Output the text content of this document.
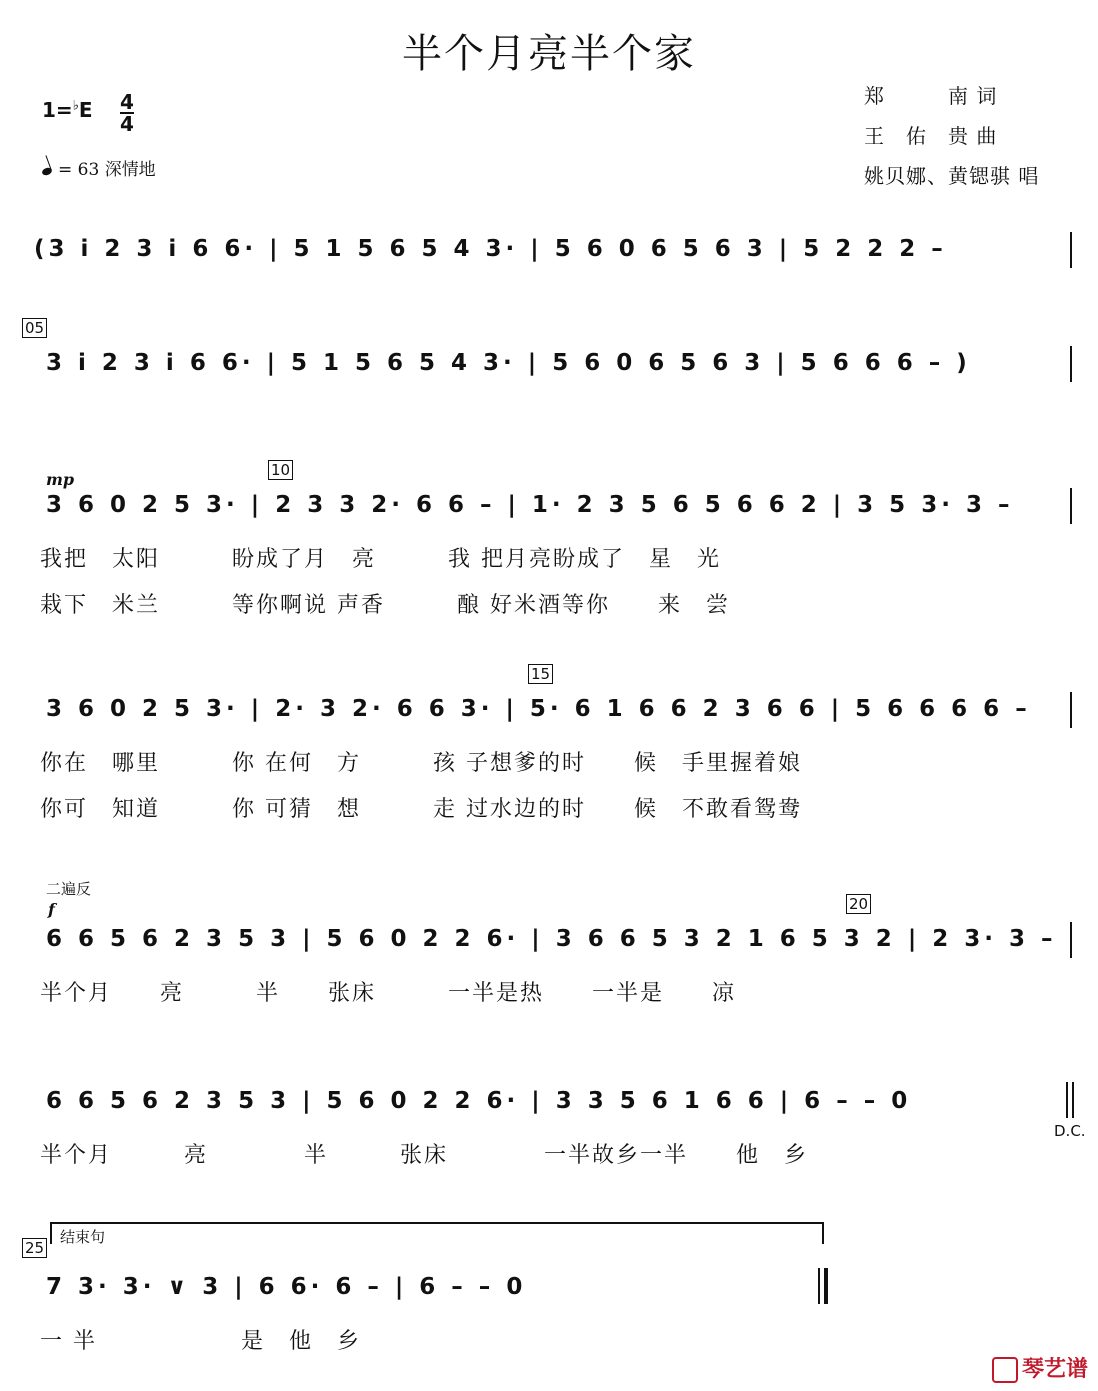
半个月亮半个家
郑　　　南 词
王　佑　贵 曲
姚贝娜、黄锶骐 唱
$1=^♭E \frac{4}{4}$
= 63 深情地
(3 i 2 3 i 6 6· | 5 1 5 6 5 4 3· | 5 6 0 6 5 6 3 | 5 2 2 2 –
05
3 i 2 3 i 6 6· | 5 1 5 6 5 4 3· | 5 6 0 6 5 6 3 | 5 6 6 6 – )
mp	10
3 6 0 2 5 3· | 2 3 3 2· 6 6 – | 1· 2 3 5 6 5 6 6 2 | 3 5 3· 3 –
我把　太阳　　　盼成了月　亮　　　我 把月亮盼成了　星　光
栽下　米兰　　　等你啊说 声香　　　酿 好米酒等你　　来　尝
15
3 6 0 2 5 3· | 2· 3 2· 6 6 3· | 5· 6 1 6 6 2 3 6 6 | 5 6 6 6 6 –
你在　哪里　　　你 在何　方　　　孩 子想爹的时　　候　手里握着娘
你可　知道　　　你 可猜　想　　　走 过水边的时　　候　不敢看鸳鸯
二遍反
f	20
6 6 5 6 2 3 5 3 | 5 6 0 2 2 6· | 3 6 6 5 3 2 1 6 5 3 2 | 2 3· 3 –
半个月　　亮　　　半　　张床　　　一半是热　　一半是　　凉
6 6 5 6 2 3 5 3 | 5 6 0 2 2 6· | 3 3 5 6 1 6 6 | 6 – – 0
D.C.
半个月　　　亮　　　　半　　　张床　　　　一半故乡一半　　他　乡
结束句
25
7 3· 3· ∨ 3 | 6 6· 6 – | 6 – – 0
一 半　　　　　　是　他　乡
琴艺谱
